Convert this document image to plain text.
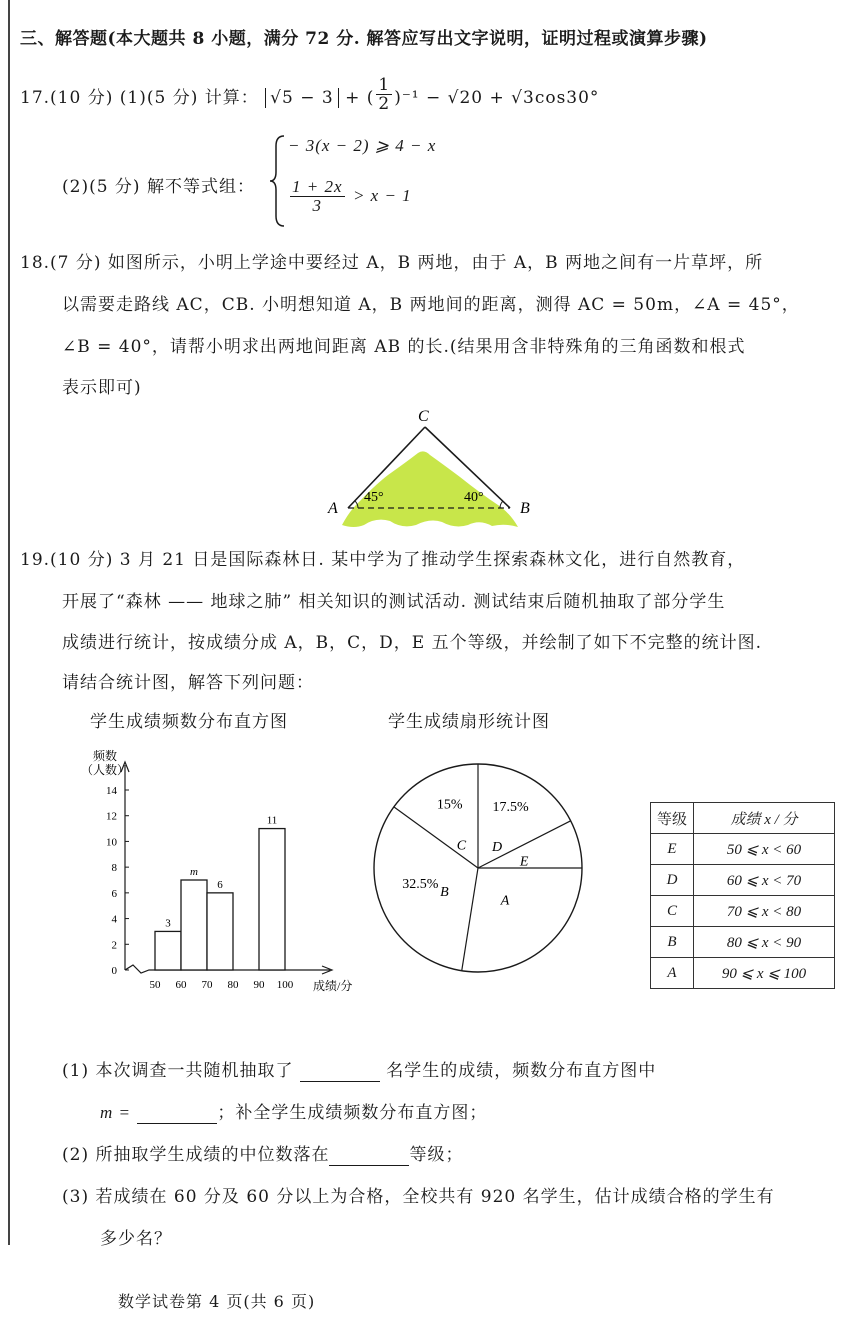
三、解答题(本大题共 8 小题，满分 72 分. 解答应写出文字说明，证明过程或演算步骤)
17.(10 分) (1)(5 分) 计算： √5 − 3 + ( $\frac{1}{2} )^{-1} - √20 + √3\cos 30^\circ$
(2)(5 分) 解不等式组：
− 3(x − 2) ⩾ 4 − x
$\frac{1 + 2x}{3} > x - 1$
18.(7 分) 如图所示，小明上学途中要经过 A，B 两地，由于 A，B 两地之间有一片草坪，所
以需要走路线 AC，CB. 小明想知道 A，B 两地间的距离，测得 AC = 50m，∠A = 45°，
∠B = 40°，请帮小明求出两地间距离 AB 的长.(结果用含非特殊角的三角函数和根式
表示即可)
A	B
C
45°	40°
19.(10 分) 3 月 21 日是国际森林日. 某中学为了推动学生探索森林文化，进行自然教育，
开展了“森林 —— 地球之肺” 相关知识的测试活动. 测试结束后随机抽取了部分学生
成绩进行统计，按成绩分成 A，B，C，D，E 五个等级，并绘制了如下不完整的统计图.
请结合统计图，解答下列问题：
学生成绩频数分布直方图	学生成绩扇形统计图
频数
（人数）
成绩/分
0
2
4
6
8
10
12
14
50 60 70 80 90 100
3
m
6
11
D
17.5%
E
A
B
32.5%
C
15%
等级	成绩 x / 分
E	50 ⩽ x < 60
D	60 ⩽ x < 70
C	70 ⩽ x < 80
B	80 ⩽ x < 90
A	90 ⩽ x ⩽ 100
(1) 本次调查一共随机抽取了	名学生的成绩，频数分布直方图中
m =	；补全学生成绩频数分布直方图；
(2) 所抽取学生成绩的中位数落在	等级；
(3) 若成绩在 60 分及 60 分以上为合格，全校共有 920 名学生，估计成绩合格的学生有
多少名？
数学试卷第 4 页(共 6 页)
